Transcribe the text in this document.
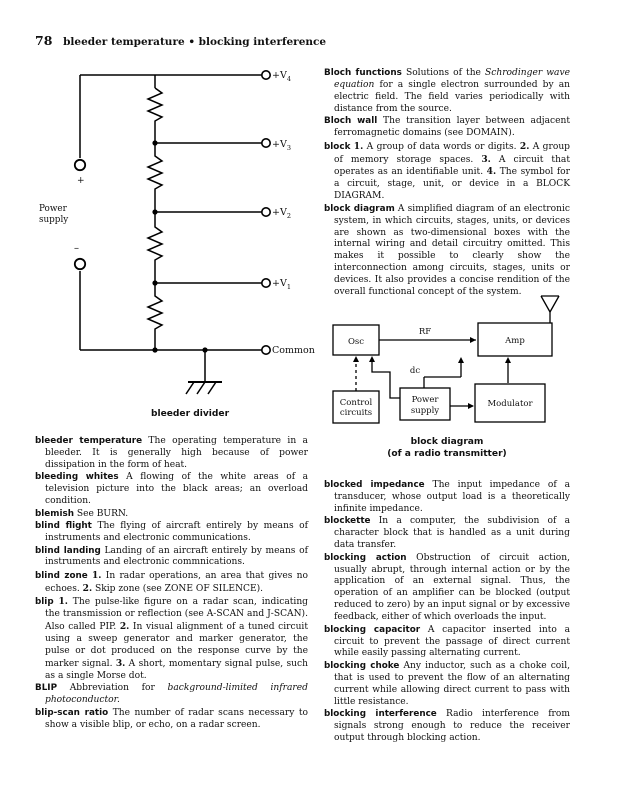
78 bleeder temperature • blocking interference
$+V_4$
$+V_3$
$+V_2$
$+V_1$
Common
+
–
Power
supply
bleeder divider
Osc	Amp
RF
dc
Control
circuits
Power
supply
Modulator
block diagram
(of a radio transmitter)

Bloch functions Solutions of the Schrodinger wave equation for a single electron surrounded by an electric field. The field varies periodically with distance from the source.

Bloch wall The transition layer between adjacent ferromagnetic domains (see DOMAIN).

block 1. A group of data words or digits. 2. A group of memory storage spaces. 3. A circuit that operates as an identifiable unit. 4. The symbol for a circuit, stage, unit, or device in a BLOCK DIAGRAM.

block diagram A simplified diagram of an electronic system, in which circuits, stages, units, or devices are shown as two-dimensional boxes with the internal wiring and detail circuitry omitted. This makes it possible to clearly show the interconnection among circuits, stages, units or devices. It also provides a concise rendition of the overall functional concept of the system.

bleeder temperature The operating temperature in a bleeder. It is generally high because of power dissipation in the form of heat.

bleeding whites A flowing of the white areas of a television picture into the black areas; an overload condition.

blemish See BURN.

blind flight The flying of aircraft entirely by means of instruments and electronic communications.

blind landing Landing of an aircraft entirely by means of instruments and electronic commnications.

blind zone 1. In radar operations, an area that gives no echoes. 2. Skip zone (see ZONE OF SILENCE).

blip 1. The pulse-like figure on a radar scan, indicating the transmission or reflection (see A-SCAN and J-SCAN). Also called PIP. 2. In visual alignment of a tuned circuit using a sweep generator and marker generator, the pulse or dot produced on the response curve by the marker signal. 3. A short, momentary signal pulse, such as a single Morse dot.

BLIP Abbreviation for background-limited infrared photoconductor.

blip-scan ratio The number of radar scans necessary to show a visible blip, or echo, on a radar screen.

blocked impedance The input impedance of a transducer, whose output load is a theoretically infinite impedance.

blockette In a computer, the subdivision of a character block that is handled as a unit during data transfer.

blocking action Obstruction of circuit action, usually abrupt, through internal action or by the application of an external signal. Thus, the operation of an amplifier can be blocked (output reduced to zero) by an input signal or by excessive feedback, either of which overloads the input.

blocking capacitor A capacitor inserted into a circuit to prevent the passage of direct current while easily passing alternating current.

blocking choke Any inductor, such as a choke coil, that is used to prevent the flow of an alternating current while allowing direct current to pass with little resistance.

blocking interference Radio interference from signals strong enough to reduce the receiver output through blocking action.
